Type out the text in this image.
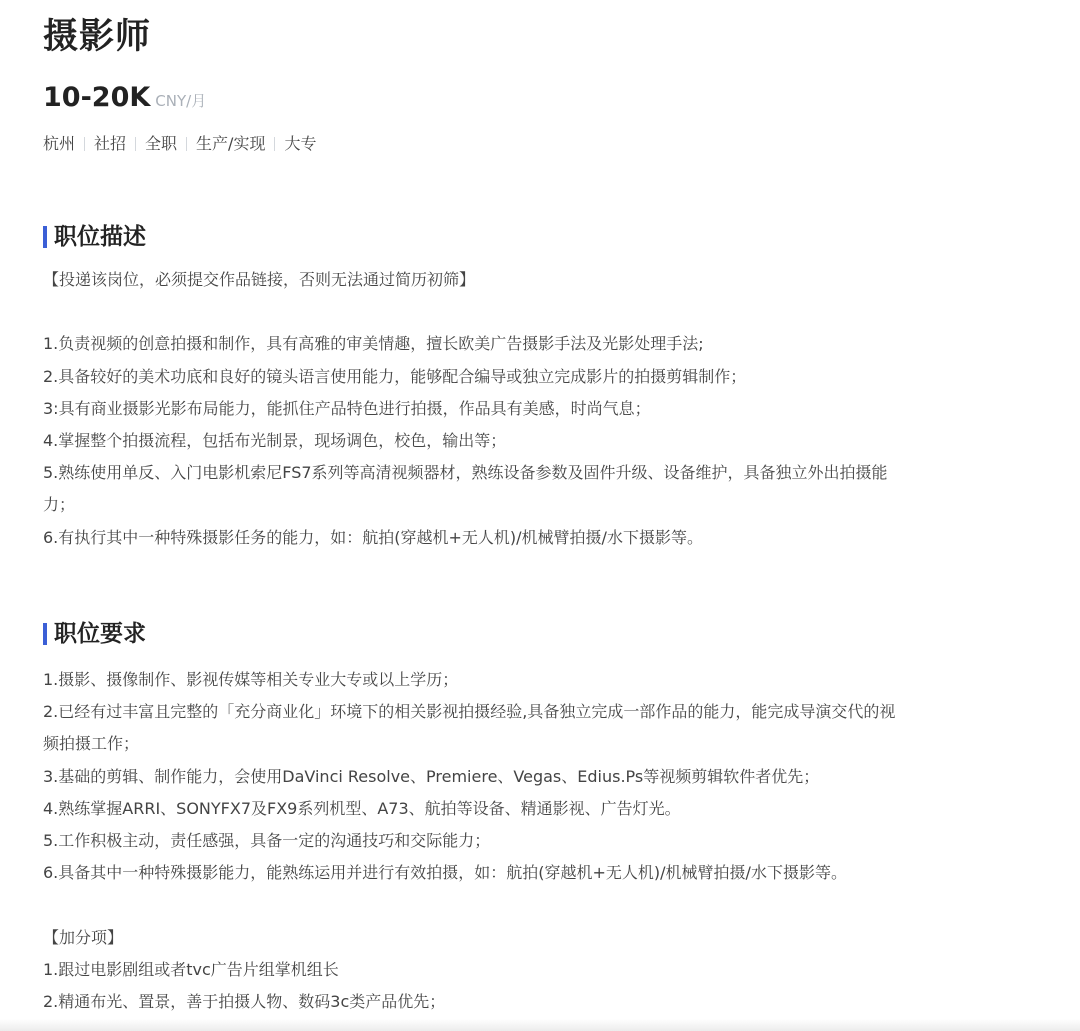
摄影师
10-20K CNY/月
杭州 社招 全职 生产/实现 大专
职位描述
【投递该岗位，必须提交作品链接，否则无法通过简历初筛】
1.负责视频的创意拍摄和制作，具有高雅的审美情趣，擅长欧美广告摄影手法及光影处理手法;
2.具备较好的美术功底和良好的镜头语言使用能力，能够配合编导或独立完成影片的拍摄剪辑制作；
3:具有商业摄影光影布局能力，能抓住产品特色进行拍摄，作品具有美感，时尚气息；
4.掌握整个拍摄流程，包括布光制景，现场调色，校色，输出等；
5.熟练使用单反、入门电影机索尼FS7系列等高清视频器材，熟练设备参数及固件升级、设备维护，具备独立外出拍摄能
力；
6.有执行其中一种特殊摄影任务的能力，如：航拍(穿越机+无人机)/机械臂拍摄/水下摄影等。
职位要求
1.摄影、摄像制作、影视传媒等相关专业大专或以上学历；
2.已经有过丰富且完整的「充分商业化」环境下的相关影视拍摄经验,具备独立完成一部作品的能力，能完成导演交代的视
频拍摄工作；
3.基础的剪辑、制作能力，会使用DaVinci Resolve、Premiere、Vegas、Edius.Ps等视频剪辑软件者优先；
4.熟练掌握ARRI、SONYFX7及FX9系列机型、A73、航拍等设备、精通影视、广告灯光。
5.工作积极主动，责任感强，具备一定的沟通技巧和交际能力；
6.具备其中一种特殊摄影能力，能熟练运用并进行有效拍摄，如：航拍(穿越机+无人机)/机械臂拍摄/水下摄影等。
【加分项】
1.跟过电影剧组或者tvc广告片组掌机组长
2.精通布光、置景，善于拍摄人物、数码3c类产品优先；
